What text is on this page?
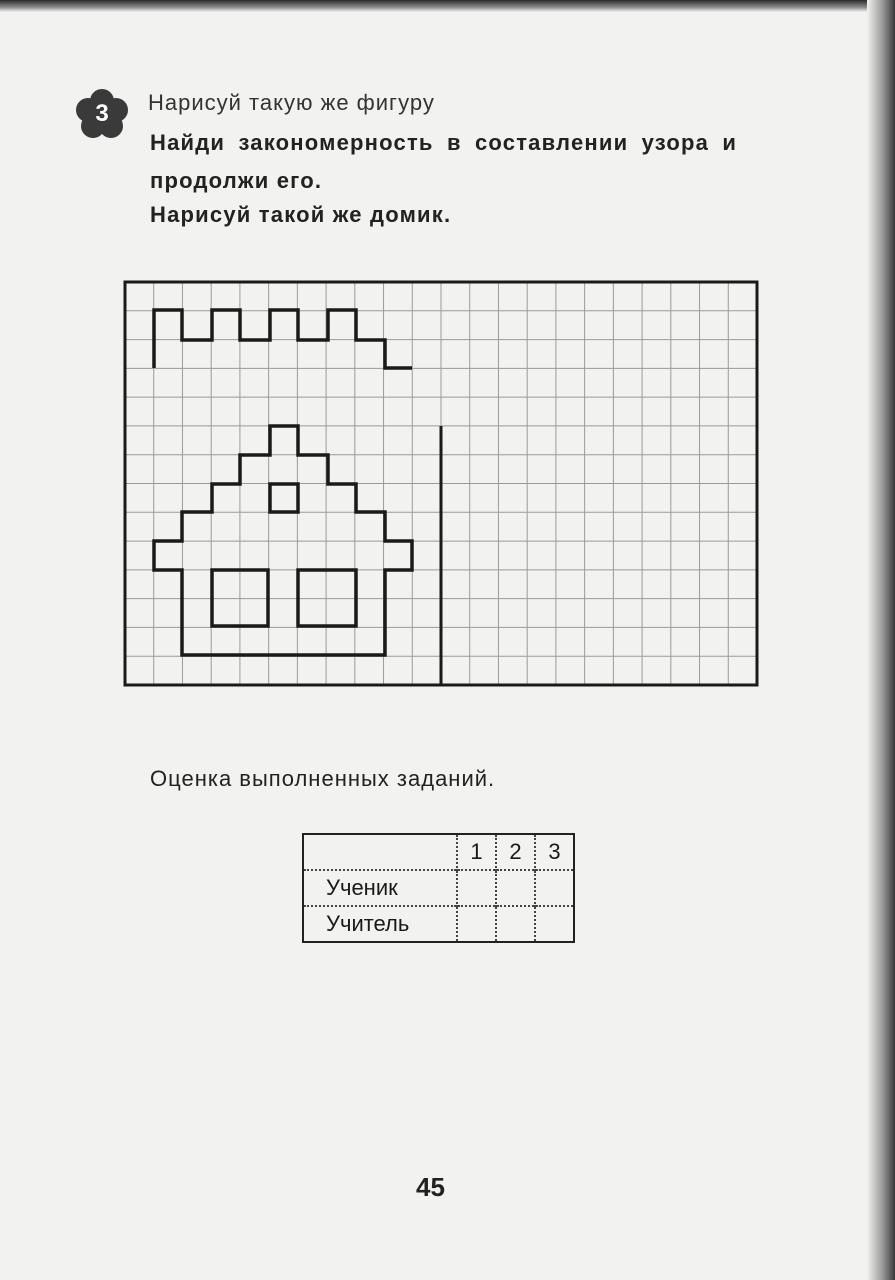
3	Нарисуй такую же фигуру
Найди закономерность в составлении узора и
продолжи его.
Нарисуй такой же домик.
Оценка выполненных заданий.
	1	2	3
Ученик			
Учитель			
45
